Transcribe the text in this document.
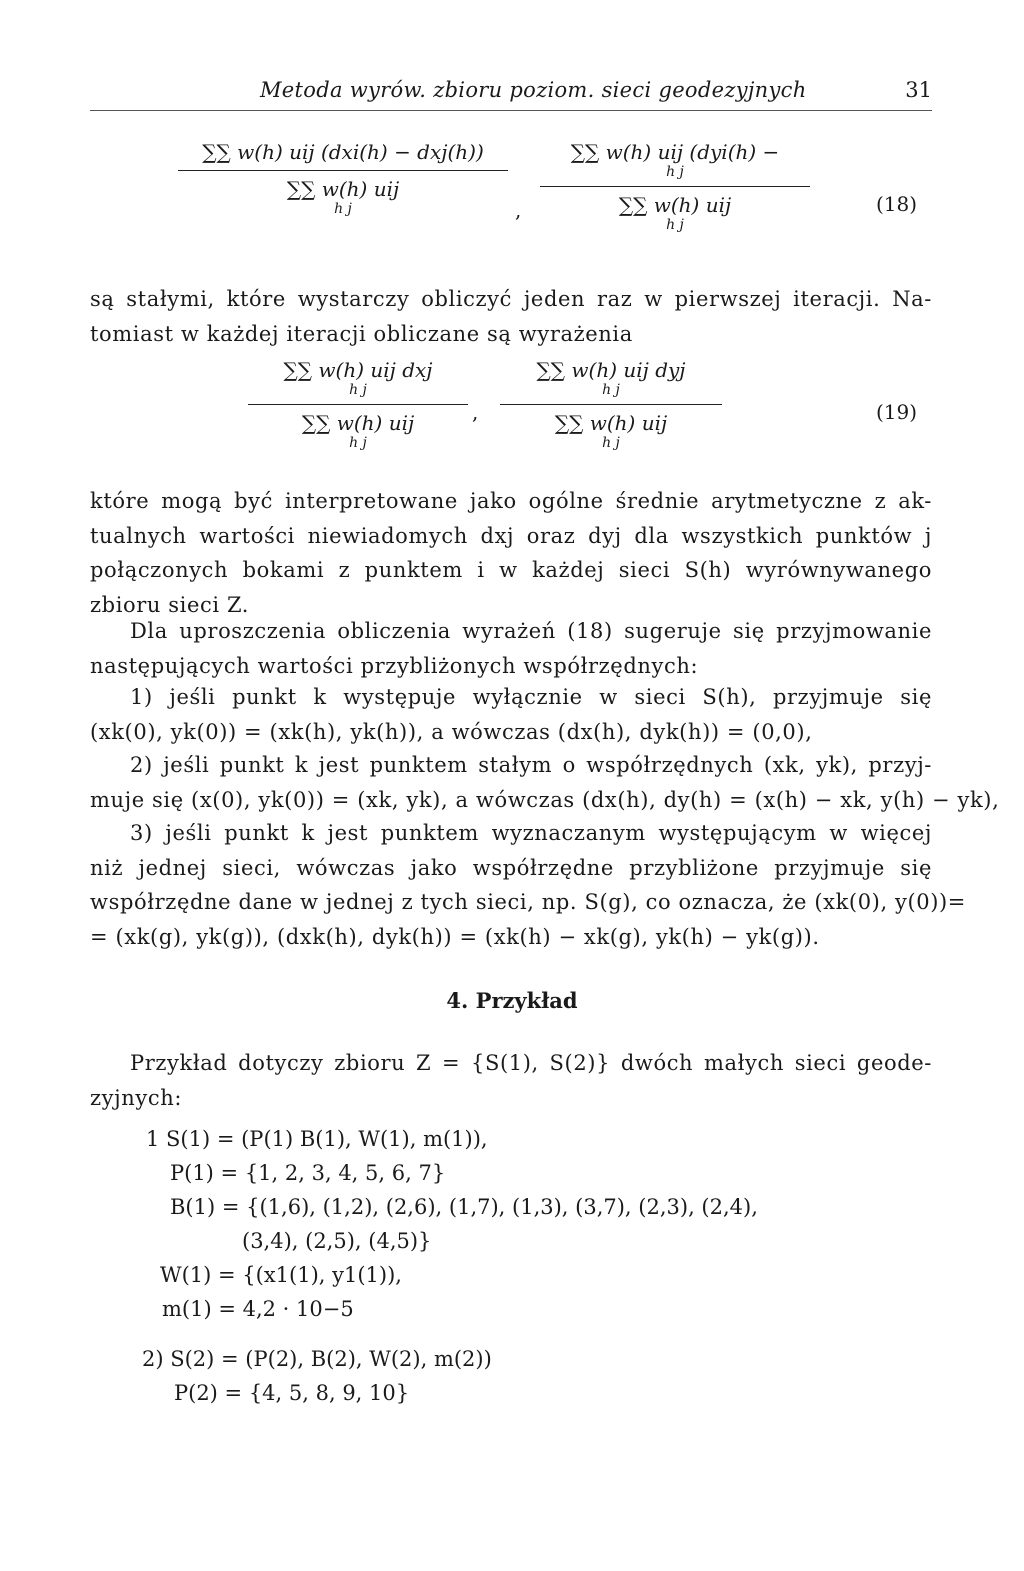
Metoda wyrów. zbioru poziom. sieci geodezyjnych	31
∑∑ w(h) uij (dxi(h) − dxj(h))
∑∑ w(h) uij
h j	,
∑∑ w(h) uij (dyi(h) −
h j
∑∑ w(h) uij
h j
(18)
są stałymi, które wystarczy obliczyć jeden raz w pierwszej iteracji. Na-
tomiast w każdej iteracji obliczane są wyrażenia
∑∑ w(h) uij dxj
h j
∑∑ w(h) uij
h j
,
∑∑ w(h) uij dyj
h j
∑∑ w(h) uij
h j
(19)
które mogą być interpretowane jako ogólne średnie arytmetyczne z ak-
tualnych wartości niewiadomych dxj oraz dyj dla wszystkich punktów j
połączonych bokami z punktem i w każdej sieci S(h) wyrównywanego
zbioru sieci Z.
Dla uproszczenia obliczenia wyrażeń (18) sugeruje się przyjmowanie
następujących wartości przybliżonych współrzędnych:
1) jeśli punkt k występuje wyłącznie w sieci S(h), przyjmuje się
(xk(0), yk(0)) = (xk(h), yk(h)), a wówczas (dx(h), dyk(h)) = (0,0),
2) jeśli punkt k jest punktem stałym o współrzędnych (xk, yk), przyj-
muje się (x(0), yk(0)) = (xk, yk), a wówczas (dx(h), dy(h) = (x(h) − xk, y(h) − yk),
3) jeśli punkt k jest punktem wyznaczanym występującym w więcej
niż jednej sieci, wówczas jako współrzędne przybliżone przyjmuje się
współrzędne dane w jednej z tych sieci, np. S(g), co oznacza, że (xk(0), y(0))=
= (xk(g), yk(g)), (dxk(h), dyk(h)) = (xk(h) − xk(g), yk(h) − yk(g)).
4. Przykład
Przykład dotyczy zbioru Z = {S(1), S(2)} dwóch małych sieci geode-
zyjnych:
1 S(1) = (P(1) B(1), W(1), m(1)),
P(1) = {1, 2, 3, 4, 5, 6, 7}
B(1) = {(1,6), (1,2), (2,6), (1,7), (1,3), (3,7), (2,3), (2,4),
(3,4), (2,5), (4,5)}
W(1) = {(x1(1), y1(1)),
m(1) = 4,2 · 10−5
2) S(2) = (P(2), B(2), W(2), m(2))
P(2) = {4, 5, 8, 9, 10}
